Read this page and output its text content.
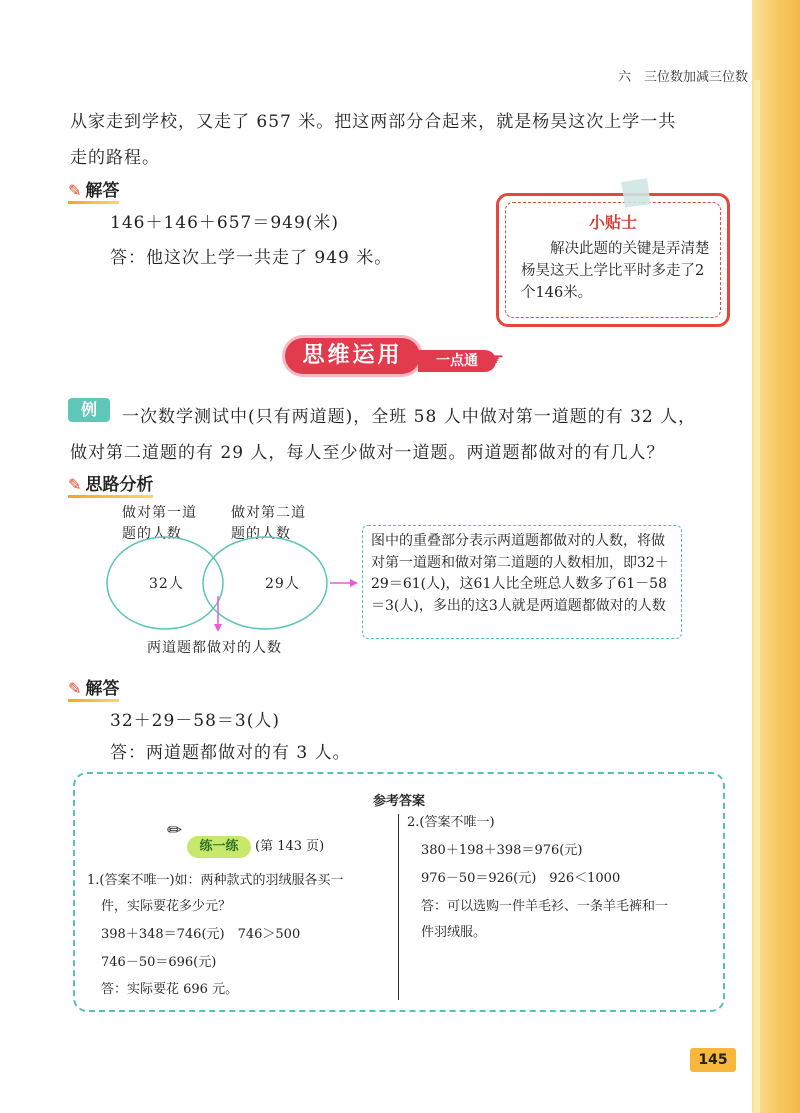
六　三位数加减三位数
从家走到学校，又走了 657 米。把这两部分合起来，就是杨昊这次上学一共
走的路程。
✎ 解答
146＋146＋657＝949(米)
答：他这次上学一共走了 949 米。
小贴士
解决此题的关键是弄清楚杨昊这天上学比平时多走了2个146米。
思维运用	一点通 ☛
例	一次数学测试中(只有两道题)，全班 58 人中做对第一道题的有 32 人，
做对第二道题的有 29 人，每人至少做对一道题。两道题都做对的有几人？
✎ 思路分析
做对第一道
题的人数
做对第二道
题的人数
32人	29人
两道题都做对的人数
图中的重叠部分表示两道题都做对的人数，将做对第一道题和做对第二道题的人数相加，即32＋29＝61(人)，这61人比全班总人数多了61－58＝3(人)，多出的这3人就是两道题都做对的人数
✎ 解答
32＋29－58＝3(人)
答：两道题都做对的有 3 人。
参考答案
练一练
✏
(第 143 页)
1.(答案不唯一)如：两种款式的羽绒服各买一
件，实际要花多少元？
398＋348＝746(元)　746＞500
746－50＝696(元)
答：实际要花 696 元。
2.(答案不唯一)
380＋198＋398＝976(元)
976－50＝926(元)　926＜1000
答：可以选购一件羊毛衫、一条羊毛裤和一
件羽绒服。
145
